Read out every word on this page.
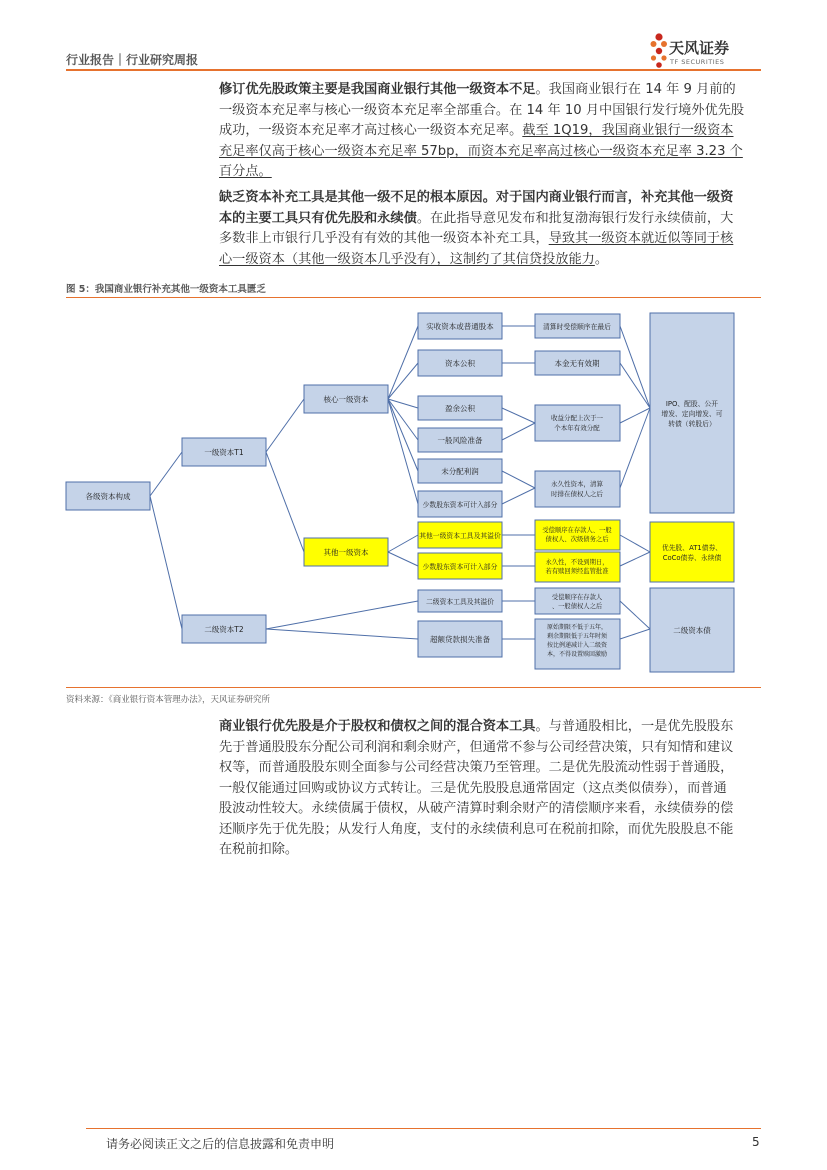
行业报告｜行业研究周报
天风证券
TF SECURITIES
修订优先股政策主要是我国商业银行其他一级资本不足。我国商业银行在 14 年 9 月前的
一级资本充足率与核心一级资本充足率全部重合。在 14 年 10 月中国银行发行境外优先股
成功，一级资本充足率才高过核心一级资本充足率。截至 1Q19，我国商业银行一级资本
充足率仅高于核心一级资本充足率 57bp，而资本充足率高过核心一级资本充足率 3.23 个
百分点。
缺乏资本补充工具是其他一级不足的根本原因。对于国内商业银行而言，补充其他一级资
本的主要工具只有优先股和永续债。在此指导意见发布和批复渤海银行发行永续债前，大
多数非上市银行几乎没有有效的其他一级资本补充工具，导致其一级资本就近似等同于核
心一级资本（其他一级资本几乎没有），这制约了其信贷投放能力。
图 5：我国商业银行补充其他一级资本工具匮乏
各级资本构成
一级资本T1
二级资本T2
核心一级资本
其他一级资本
实收资本或普通股本
资本公积
盈余公积
一般风险准备
未分配利润
少数股东资本可计入部分
其他一级资本工具及其溢价
少数股东资本可计入部分
二级资本工具及其溢价
超额贷款损失准备
清算时受偿顺序在最后
本金无有效期
收益分配上次于一个本年有效分配
永久性资本，清算时排在债权人之后
受偿顺序在存款人、一般债权人、次级债务之后
永久性，不设到期日，若有赎回须经监管批准
受偿顺序在存款人、一般债权人之后
原始期限不低于五年，剩余期限低于五年时须按比例递减计入二级资本，不得设置赎回激励
IPO、配股、公开增发、定向增发、可转债（转股后）
优先股、AT1债券、 CoCo债券、永续债
二级资本债
资料来源：《商业银行资本管理办法》，天风证券研究所
商业银行优先股是介于股权和债权之间的混合资本工具。与普通股相比，一是优先股股东
先于普通股股东分配公司利润和剩余财产，但通常不参与公司经营决策，只有知情和建议
权等，而普通股股东则全面参与公司经营决策乃至管理。二是优先股流动性弱于普通股，
一般仅能通过回购或协议方式转让。三是优先股股息通常固定（这点类似债券），而普通
股波动性较大。永续债属于债权，从破产清算时剩余财产的清偿顺序来看，永续债券的偿
还顺序先于优先股；从发行人角度，支付的永续债利息可在税前扣除，而优先股股息不能
在税前扣除。
请务必阅读正文之后的信息披露和免责申明	5
